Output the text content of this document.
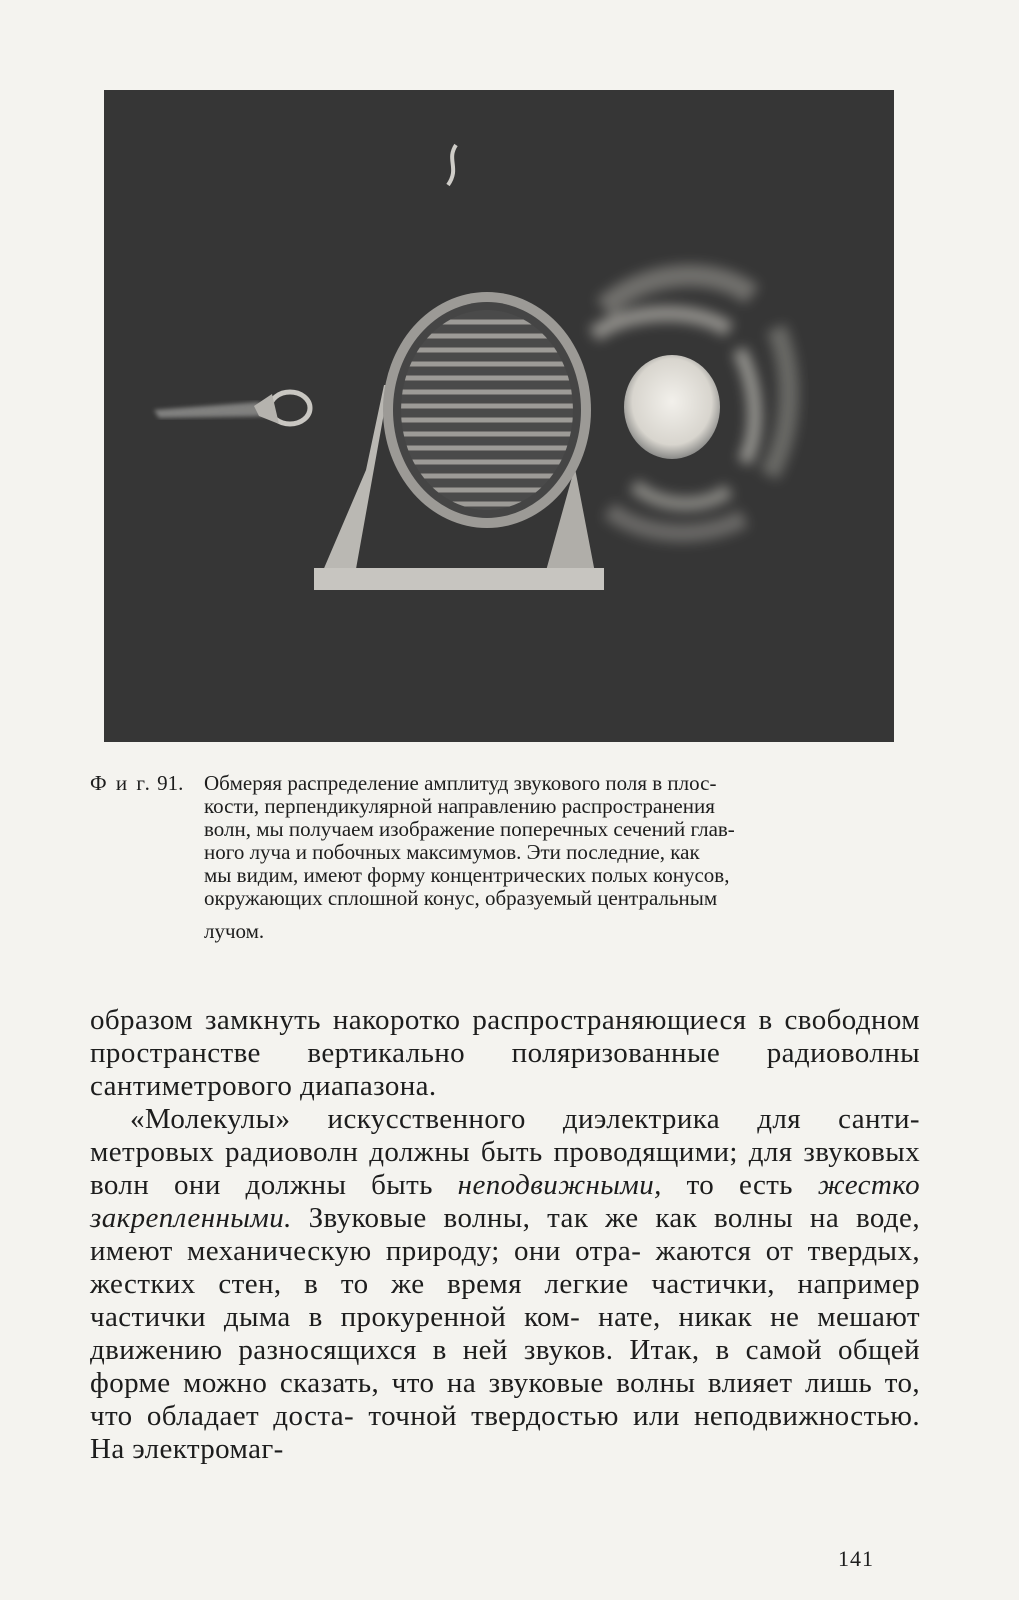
Ф и г. 91. Обмеряя распределение амплитуд звукового поля в плос-
кости, перпендикулярной направлению распространения
волн, мы получаем изображение поперечных сечений глав-
ного луча и побочных максимумов. Эти последние, как
мы видим, имеют форму концентрических полых конусов,
окружающих сплошной конус, образуемый центральным
лучом.

образом замкнуть накоротко распространяющиеся в свободном пространстве вертикально поляризованные радиоволны сантиметрового диапазона.

«Молекулы» искусственного диэлектрика для санти- метровых радиоволн должны быть проводящими; для звуковых волн они должны быть неподвижными, то есть жестко закрепленными. Звуковые волны, так же как волны на воде, имеют механическую природу; они отра- жаются от твердых, жестких стен, в то же время легкие частички, например частички дыма в прокуренной ком- нате, никак не мешают движению разносящихся в ней звуков. Итак, в самой общей форме можно сказать, что на звуковые волны влияет лишь то, что обладает доста- точной твердостью или неподвижностью. На электромаг-

141
